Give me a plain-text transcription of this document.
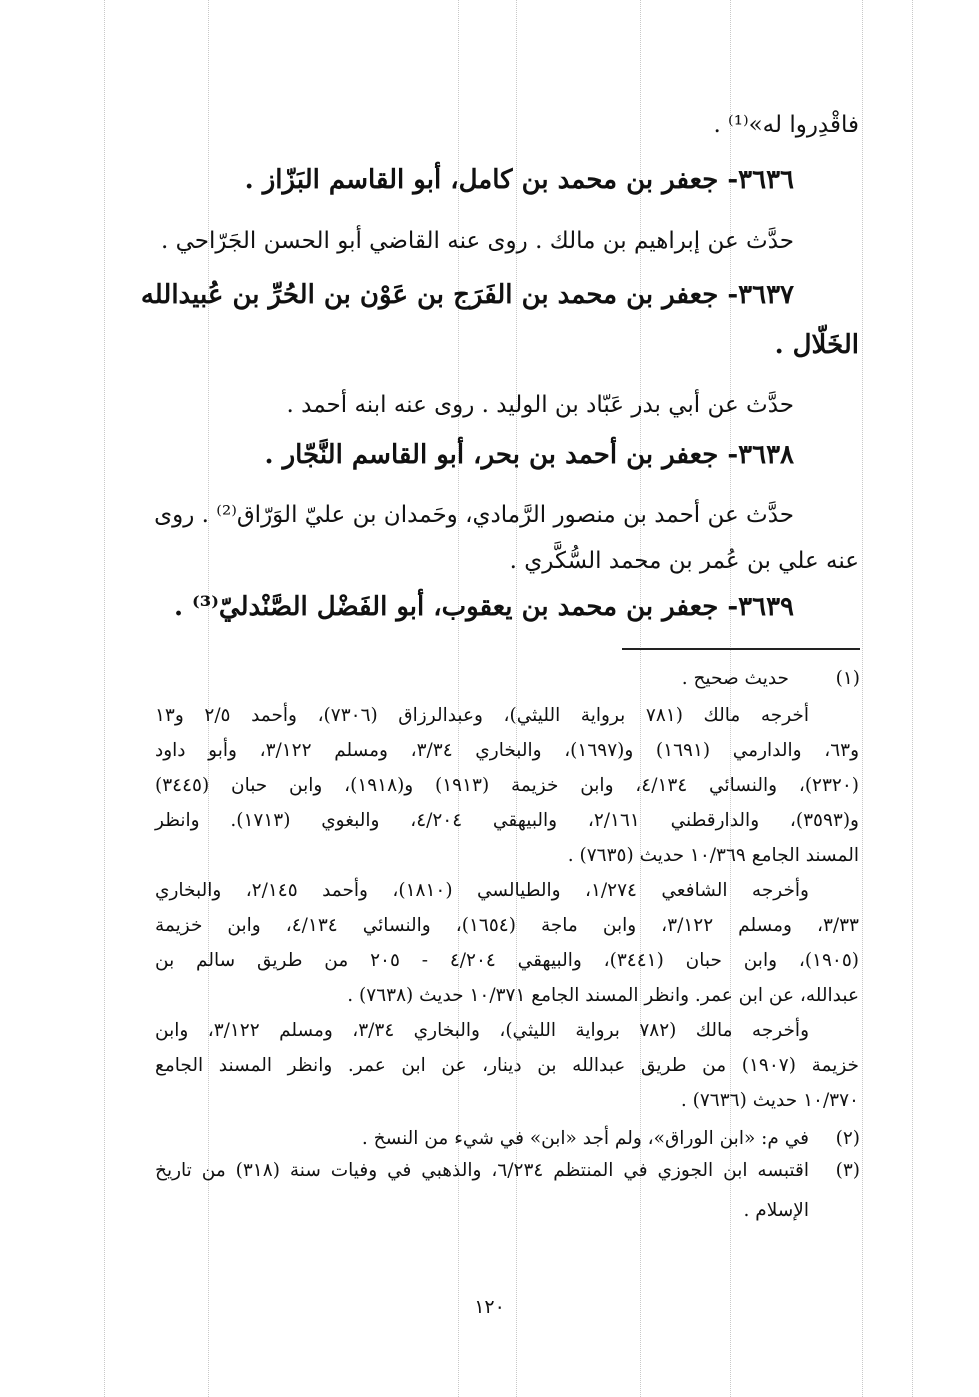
فاقْدِروا له»⁽¹⁾ .
٣٦٣٦- جعفر بن محمد بن كامل، أبو القاسم البَزّاز .
حدَّث عن إبراهيم بن مالك . روى عنه القاضي أبو الحسن الجَرّاحي .
٣٦٣٧- جعفر بن محمد بن الفَرَج بن عَوْن بن الحُرِّ بن عُبيدالله
الخَلّال .
حدَّث عن أبي بدر عَبّاد بن الوليد . روى عنه ابنه أحمد .
٣٦٣٨- جعفر بن أحمد بن بحر، أبو القاسم النَّجّار .
حدَّث عن أحمد بن منصور الرَّمادي، وحَمدان بن عليّ الوَرّاق⁽²⁾ . روى
عنه علي بن عُمر بن محمد السُّكَّري .
٣٦٣٩- جعفر بن محمد بن يعقوب، أبو الفَضْل الصَّنْدليّ⁽³⁾ .
(١)
حديث صحيح .
أخرجه مالك (٧٨١ برواية الليثي)، وعبدالرزاق (٧٣٠٦)، وأحمد ٢/٥ و١٣
و٦٣، والدارمي (١٦٩١) و(١٦٩٧)، والبخاري ٣/٣٤، ومسلم ٣/١٢٢، وأبو داود
(٢٣٢٠)، والنسائي ٤/١٣٤، وابن خزيمة (١٩١٣) و(١٩١٨)، وابن حبان (٣٤٤٥)
و(٣٥٩٣)، والدارقطني ٢/١٦١، والبيهقي ٤/٢٠٤، والبغوي (١٧١٣). وانظر
المسند الجامع ١٠/٣٦٩ حديث (٧٦٣٥) .
وأخرجه الشافعي ١/٢٧٤، والطيالسي (١٨١٠)، وأحمد ٢/١٤٥، والبخاري
٣/٣٣، ومسلم ٣/١٢٢، وابن ماجة (١٦٥٤)، والنسائي ٤/١٣٤، وابن خزيمة
(١٩٠٥)، وابن حبان (٣٤٤١)، والبيهقي ٤/٢٠٤ - ٢٠٥ من طريق سالم بن
عبدالله، عن ابن عمر. وانظر المسند الجامع ١٠/٣٧١ حديث (٧٦٣٨) .
وأخرجه مالك (٧٨٢ برواية الليثي)، والبخاري ٣/٣٤، ومسلم ٣/١٢٢، وابن
خزيمة (١٩٠٧) من طريق عبدالله بن دينار، عن ابن عمر. وانظر المسند الجامع
١٠/٣٧٠ حديث (٧٦٣٦) .
(٢)
في م: «ابن الوراق»، ولم أجد «ابن» في شيء من النسخ .
(٣)
اقتبسه ابن الجوزي في المنتظم ٦/٢٣٤، والذهبي في وفيات سنة (٣١٨) من تاريخ
الإسلام .
١٢٠
